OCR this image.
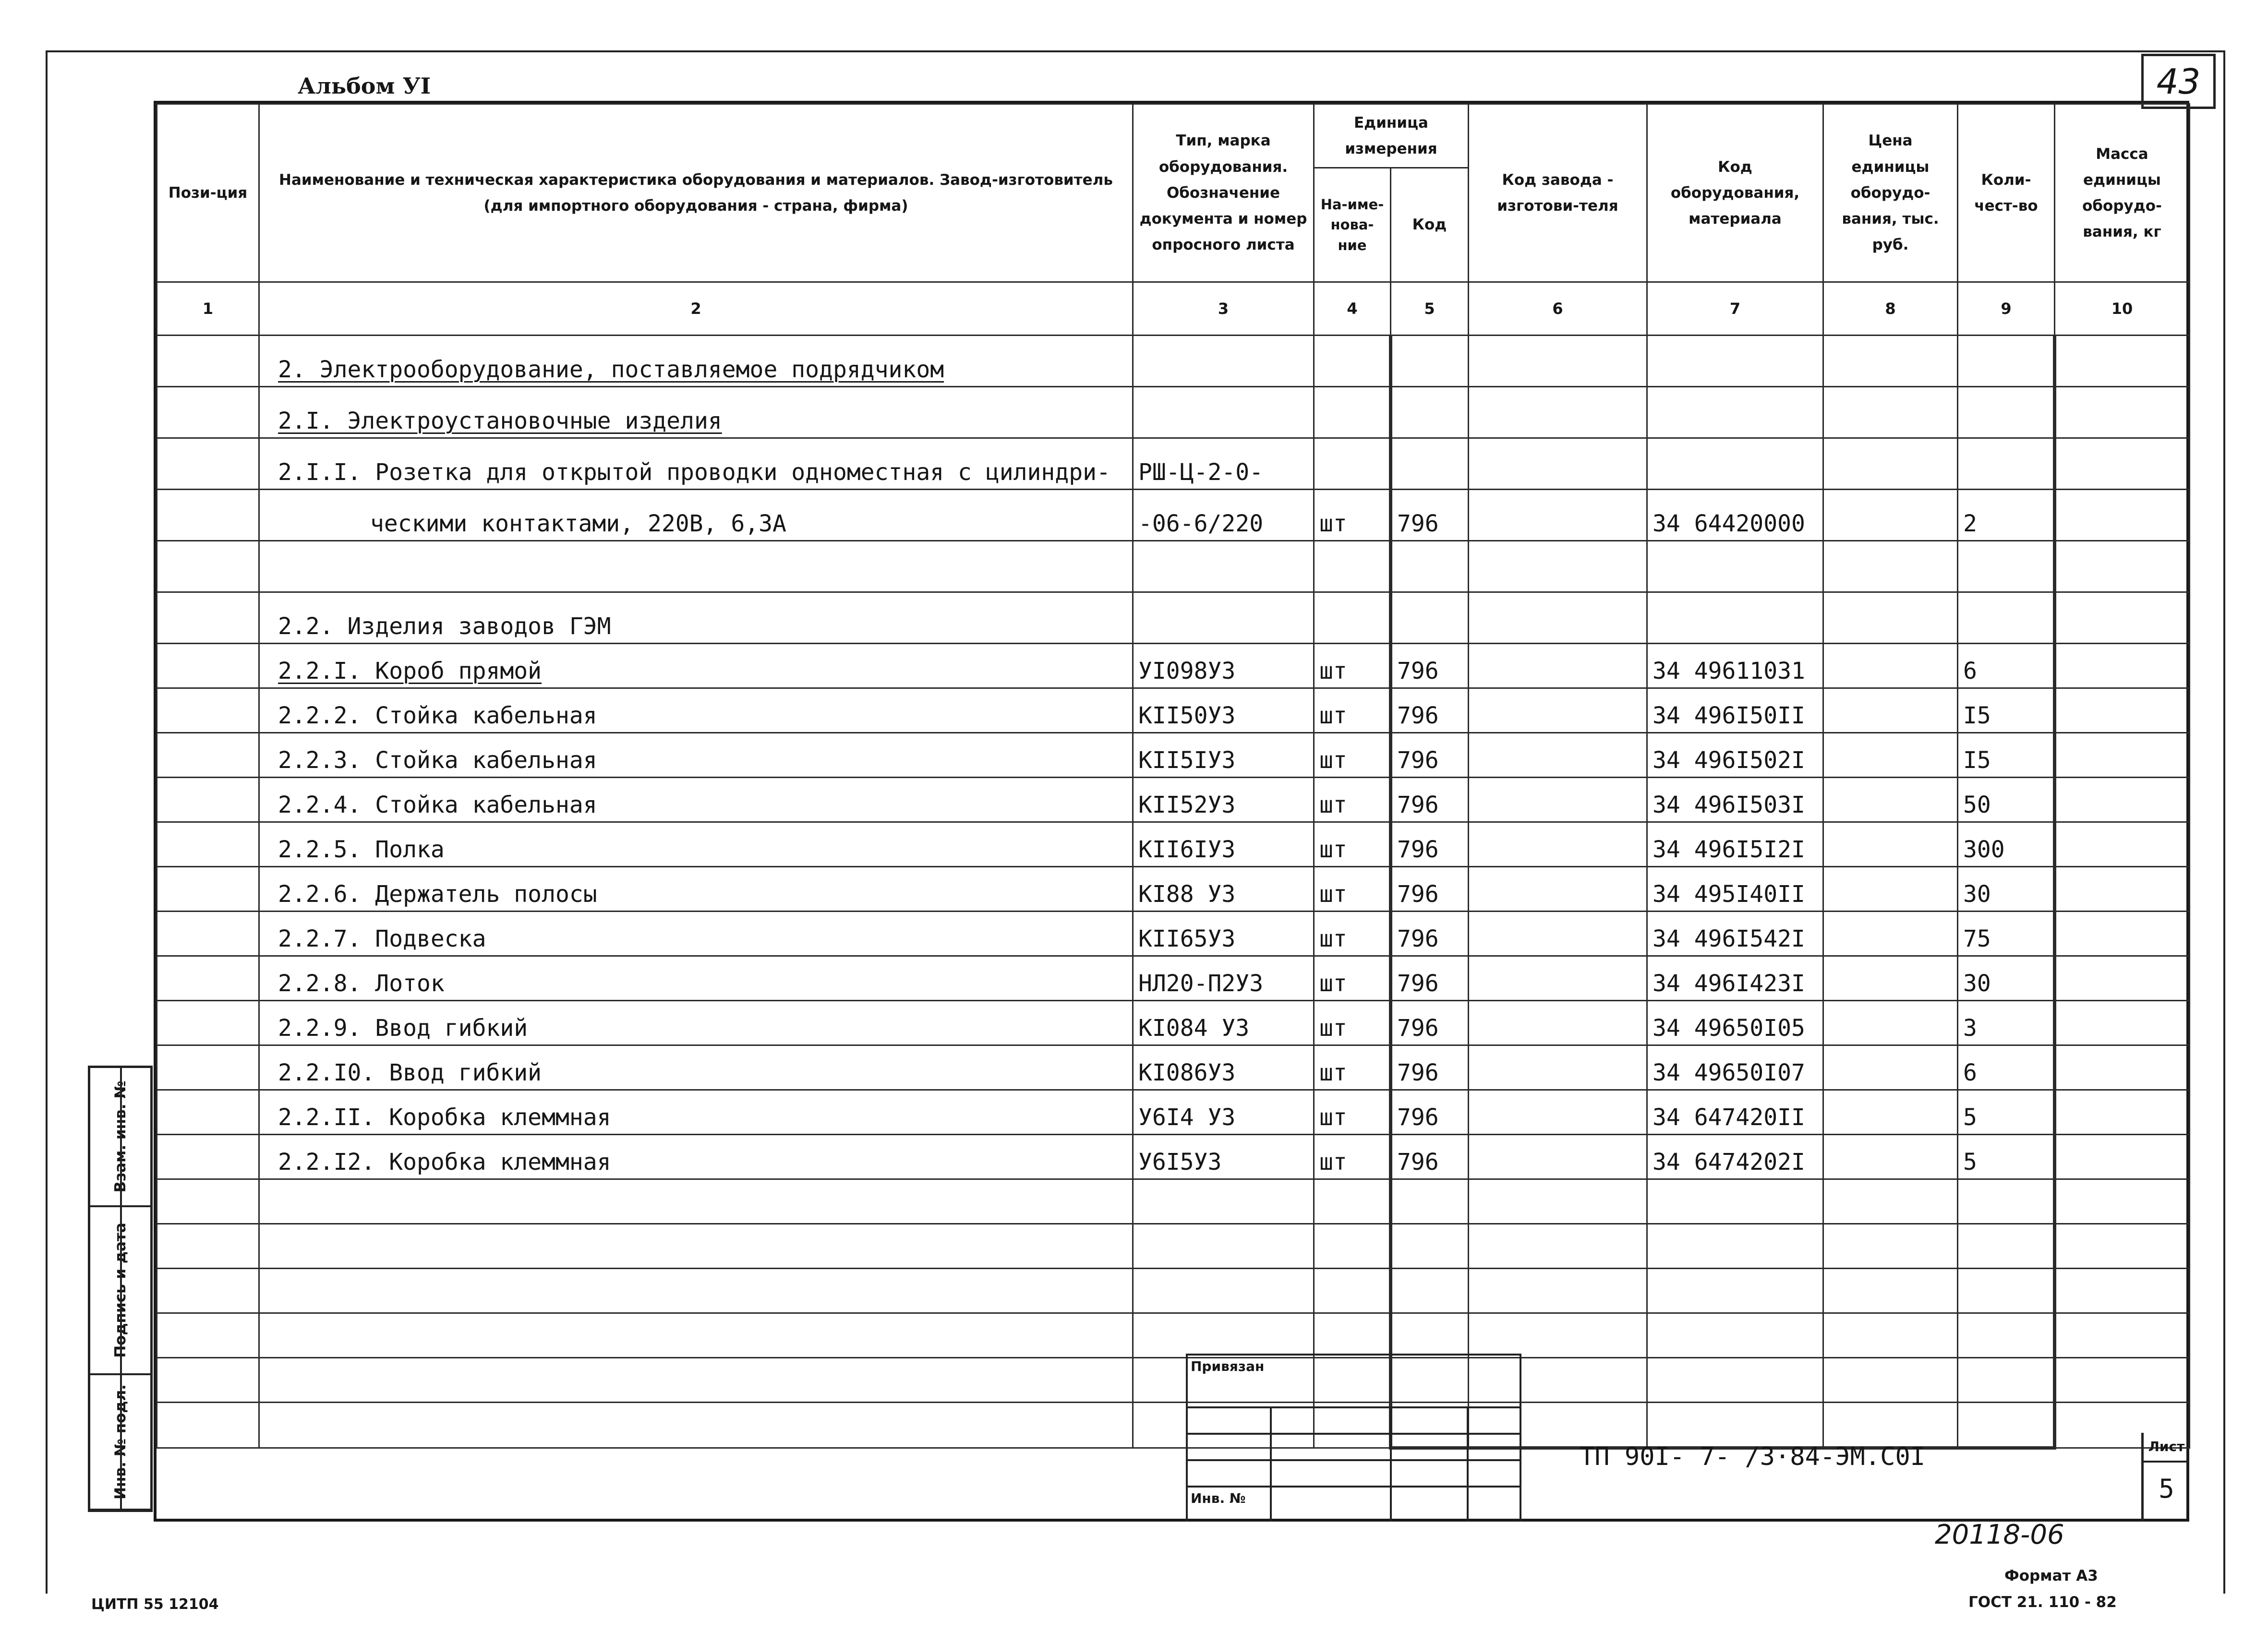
Альбом УI	43
Пози-ция	Наименование и техническая характеристика оборудования и материалов. Завод-изготовитель (для импортного оборудования - страна, фирма)	Тип, марка оборудования. Обозначение документа и номер опросного листа	Единица измерения		Код завода - изготови-теля	Код оборудования, материала	Цена единицы оборудо-вания, тыс. руб.	Коли-чест-во	Масса единицы оборудо-вания, кг
			На-име-нова-ние	Код					
1	2	3	4	5	6	7	8	9	10
	2. Электрооборудование, поставляемое подрядчиком								
	2.I. Электроустановочные изделия								
	2.I.I. Розетка для открытой проводки одноместная с цилиндри-	РШ-Ц-2-0-							
	ческими контактами, 220В, 6,3А	-06-6/220	шт	796		34 64420000		2	

	2.2. Изделия заводов ГЭМ								
	2.2.I. Короб прямой	УI098У3	шт	796		34 49611031		6	
	2.2.2. Стойка кабельная	КII50У3	шт	796		34 496I50II		I5	
	2.2.3. Стойка кабельная	КII5IУ3	шт	796		34 496I502I		I5	
	2.2.4. Стойка кабельная	КII52У3	шт	796		34 496I503I		50	
	2.2.5. Полка	КII6IУ3	шт	796		34 496I5I2I		300	
	2.2.6. Держатель полосы	КI88 У3	шт	796		34 495I40II		30	
	2.2.7. Подвеска	КII65У3	шт	796		34 496I542I		75	
	2.2.8. Лоток	НЛ20-П2У3	шт	796		34 496I423I		30	
	2.2.9. Ввод гибкий	КI084 У3	шт	796		34 49650I05		3	
	2.2.I0. Ввод гибкий	КI086У3	шт	796		34 49650I07		6	
	2.2.II. Коробка клеммная	У6I4 У3	шт	796		34 647420II		5	
	2.2.I2. Коробка клеммная	У6I5У3	шт	796		34 6474202I		5	

Взам. инв. №
Подпись и дата
Инв. № подл.
Привязан
Инв. №
ТП 90I- 7- /3·84-ЭМ.С0I	Лист
5
20118-06
ЦИТП 55 12104
Формат А3
ГОСТ 21. 110 - 82
